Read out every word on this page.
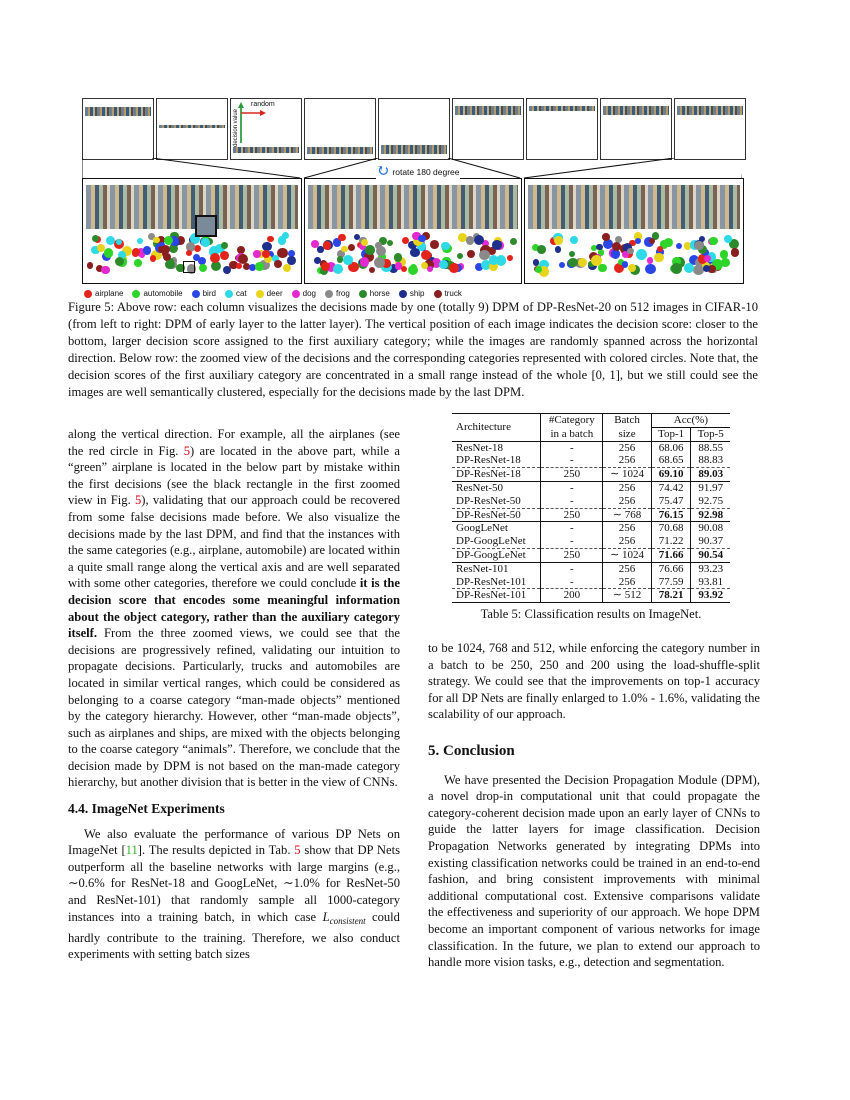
random
decision value
↻ rotate 180 degree
airplane	automobile	bird	cat	deer	dog	frog	horse	ship	truck
Figure 5: Above row: each column visualizes the decisions made by one (totally 9) DPM of DP-ResNet-20 on 512 images in CIFAR-10 (from left to right: DPM of early layer to the latter layer). The vertical position of each image indicates the decision score: closer to the bottom, larger decision score assigned to the first auxiliary category; while the images are randomly spanned across the horizontal direction. Below row: the zoomed view of the decisions and the corresponding categories represented with colored circles. Note that, the decision scores of the first auxiliary category are concentrated in a small range instead of the whole [0, 1], but we still could see the images are well semantically clustered, especially for the decisions made by the last DPM.

along the vertical direction. For example, all the airplanes (see the red circle in Fig. 5) are located in the above part, while a “green” airplane is located in the below part by mistake within the first decisions (see the black rectangle in the first zoomed view in Fig. 5), validating that our approach could be recovered from some false decisions made before. We also visualize the decisions made by the last DPM, and find that the instances with the same categories (e.g., airplane, automobile) are located within a quite small range along the vertical axis and are well separated with some other categories, therefore we could conclude it is the decision score that encodes some meaningful information about the object category, rather than the auxiliary category itself. From the three zoomed views, we could see that the decisions are progressively refined, validating our intuition to propagate decisions. Particularly, trucks and automobiles are located in similar vertical ranges, which could be considered as belonging to a coarse category “man-made objects” mentioned by the category hierarchy. However, other “man-made objects”, such as airplanes and ships, are mixed with the objects belonging to the coarse category “animals”. Therefore, we conclude that the decision made by DPM is not based on the man-made category hierarchy, but another division that is better in the view of CNNs.

4.4. ImageNet Experiments

We also evaluate the performance of various DP Nets on ImageNet [11]. The results depicted in Tab. 5 show that DP Nets outperform all the baseline networks with large margins (e.g., ∼0.6% for ResNet-18 and GoogLeNet, ∼1.0% for ResNet-50 and ResNet-101) that randomly sample all 1000-category instances into a training batch, in which case $L_{consistent}$ could hardly contribute to the training. Therefore, we also conduct experiments with setting batch sizes

Architecture	#Category	Batch	Acc(%)	
	in a batch	size	Top-1	Top-5
ResNet-18	-	256	68.06	88.55
DP-ResNet-18	-	256	68.65	88.83
DP-ResNet-18	250	∼ 1024	69.10	89.03
ResNet-50	-	256	74.42	91.97
DP-ResNet-50	-	256	75.47	92.75
DP-ResNet-50	250	∼ 768	76.15	92.98
GoogLeNet	-	256	70.68	90.08
DP-GoogLeNet	-	256	71.22	90.37
DP-GoogLeNet	250	∼ 1024	71.66	90.54
ResNet-101	-	256	76.66	93.23
DP-ResNet-101	-	256	77.59	93.81
DP-ResNet-101	200	∼ 512	78.21	93.92
Table 5: Classification results on ImageNet.

to be 1024, 768 and 512, while enforcing the category number in a batch to be 250, 250 and 200 using the load-shuffle-split strategy. We could see that the improvements on top-1 accuracy for all DP Nets are finally enlarged to 1.0% - 1.6%, validating the scalability of our approach.

5. Conclusion

We have presented the Decision Propagation Module (DPM), a novel drop-in computational unit that could propagate the category-coherent decision made upon an early layer of CNNs to guide the latter layers for image classification. Decision Propagation Networks generated by integrating DPMs into existing classification networks could be trained in an end-to-end fashion, and bring consistent improvements with minimal additional computational cost. Extensive comparisons validate the effectiveness and superiority of our approach. We hope DPM become an important component of various networks for image classification. In the future, we plan to extend our approach to handle more vision tasks, e.g., detection and segmentation.
